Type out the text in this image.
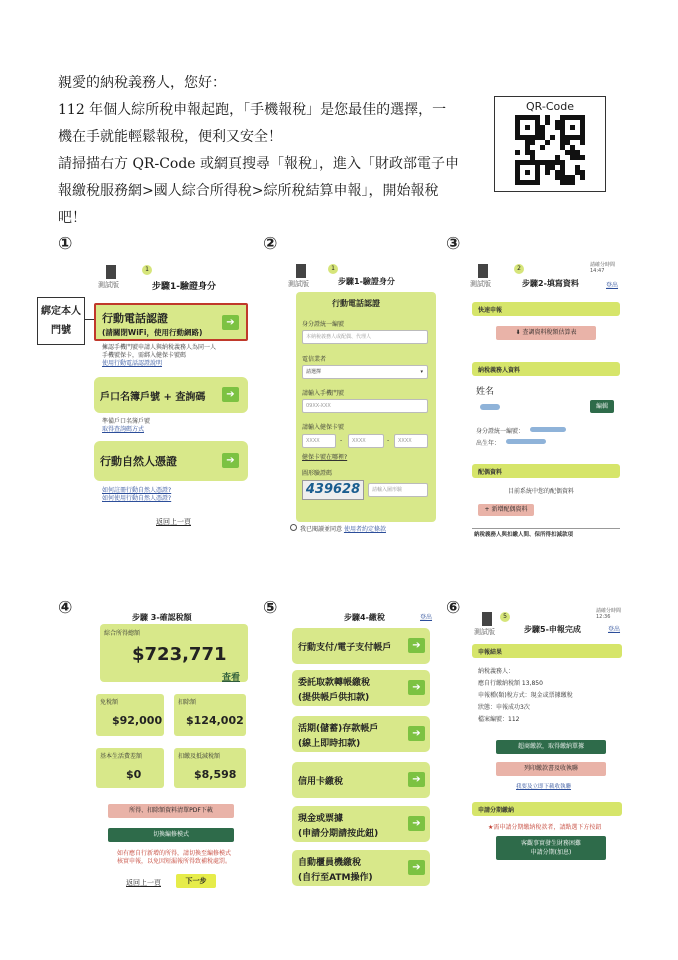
親愛的納稅義務人，您好：
112 年個人綜所稅申報起跑，「手機報稅」是您最佳的選擇，一
機在手就能輕鬆報稅，便利又安全！
請掃描右方 QR-Code 或網頁搜尋「報稅」，進入「財政部電子申
報繳稅服務網>國人綜合所得稅>綜所稅結算申報」，開始報稅
吧！
QR-Code
①	②	③
④	⑤	⑥
測試版
1
步驟1-驗證身分
綁定本人門號
行動電話認證
(請關閉WiFi，使用行動網路)
➔
擁認手機門號申請人與納稅義務人為同一人
手機號保卡，需綁入健保卡號碼
使用行動電話認證說明
戶口名簿戶號 + 查詢碼	➔
準備戶口名簿戶號
取得查詢碼方式
行動自然人憑證	➔
如何註冊行動自然人憑證?
如何使用行動自然人憑證?
返回上一頁
測試版
1
步驟1-驗證身分
行動電話認證
身分證統一編號
本納稅義務人或配偶、代理人
電信業者
請選擇	▾
請輸入手機門號
09XX-XXX
請輸入健保卡號
XXXX	-	XXXX	-	XXXX
健保卡號在哪裡?
圖形驗證碼
439628	請輸入圖形驗
我已閱讀並同意 使用者約定條款
測試版
2
步驟2-填寫資料
請確分時間
14:47
登出
快速申報
⬇ 查調資料稅額估算表
納稅義務人資料
姓名
編輯
身分證統一編號：
出生年：
配偶資料
目前系統中您的配偶資料
+ 新增配偶資料
納稅義務人與扣繳人間、保所得扣減款項
步驟 3-確認稅額
綜合所得總額
$723,771
查看
免稅額
$92,000
扣除額
$124,002
基本生活費差額
$0
扣繳及抵減稅額
$8,598
所得、扣除額資料清單PDF下載
切換編修模式
如有應自行新增的所得，請切換至編修模式
核實申報，以免因短漏報所得致補稅處罰。
返回上一頁	下一步
步驟4-繳稅	登出
行動支付/電子支付帳戶	➔
委託取款轉帳繳稅
(提供帳戶供扣款)
➔
活期(儲蓄)存款帳戶
(線上即時扣款)
➔
信用卡繳稅	➔
現金或票據
(申請分期請按此鈕)
➔
自動櫃員機繳稅
(自行至ATM操作)
➔
測試版
5
步驟5-申報完成
請確分時間
12:36
登出
申報結果
納稅義務人：
應自行繳納稅額 13,850
申報種(類)稅方式：現金或票據繳稅
狀態：申報成功3次
檔案編號：112
超商繳款，取得繳納單據
列印繳款書及收執聯
我要及立即下載收執聯
申請分期繳納
★需申請分期繳納稅款者，請點選下方按鈕
客觀事實發生財務困難
申請分期(加息)
